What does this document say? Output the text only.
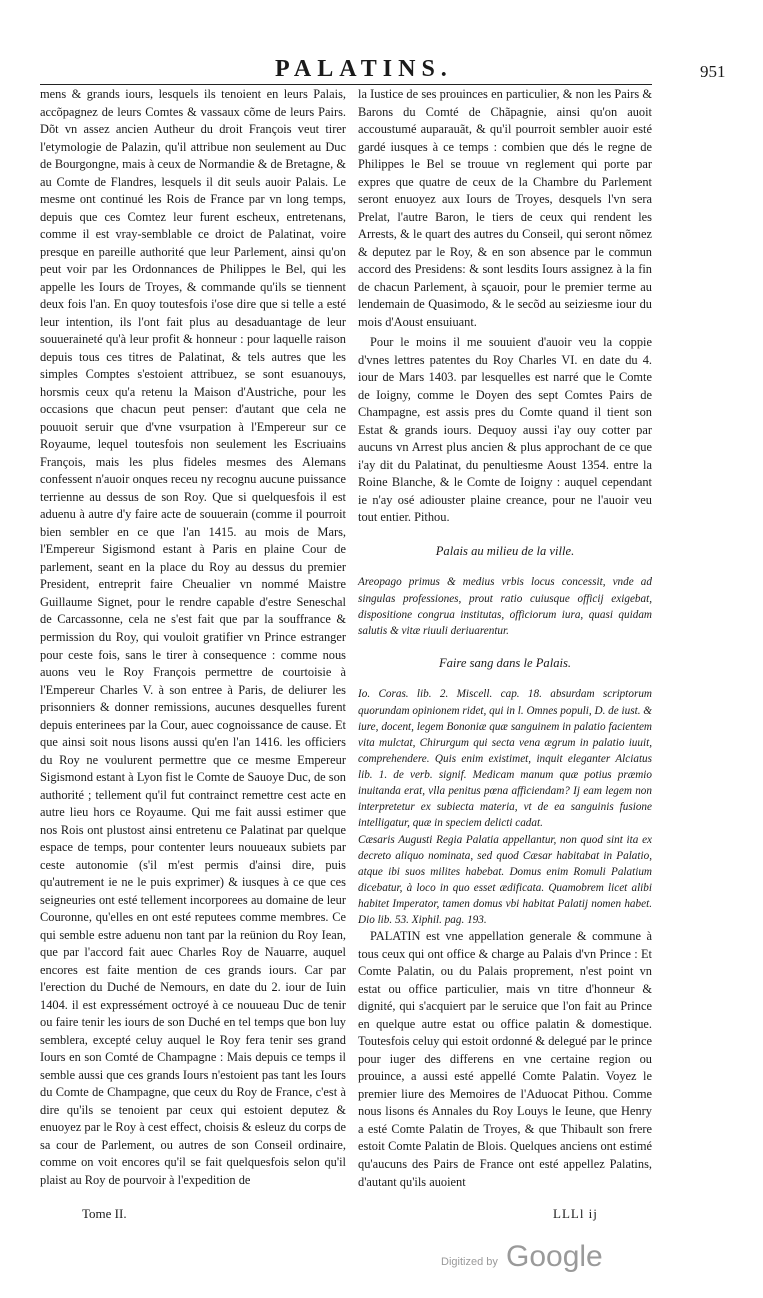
PALATINS.	951

mens & grands iours, lesquels ils tenoient en leurs Palais, accõpagnez de leurs Comtes & vassaux cõme de leurs Pairs. Dõt vn assez ancien Autheur du droit François veut tirer l'etymologie de Palazin, qu'il attribue non seulement au Duc de Bourgongne, mais à ceux de Normandie & de Bretagne, & au Comte de Flandres, lesquels il dit seuls auoir Palais. Le mesme ont continué les Rois de France par vn long temps, depuis que ces Comtez leur furent escheux, entretenans, comme il est vray-semblable ce droict de Palatinat, voire presque en pareille authorité que leur Parlement, ainsi qu'on peut voir par les Ordonnances de Philippes le Bel, qui les appelle les Iours de Troyes, & commande qu'ils se tiennent deux fois l'an. En quoy toutesfois i'ose dire que si telle a esté leur intention, ils l'ont fait plus au desaduantage de leur souueraineté qu'à leur profit & honneur : pour laquelle raison depuis tous ces titres de Palatinat, & tels autres que les simples Comptes s'estoient attribuez, se sont esuanouys, horsmis ceux qu'a retenu la Maison d'Austriche, pour les occasions que chacun peut penser: d'autant que cela ne pouuoit seruir que d'vne vsurpation à l'Empereur sur ce Royaume, lequel toutesfois non seulement les Escriuains François, mais les plus fideles mesmes des Alemans confessent n'auoir onques receu ny recognu aucune puissance terrienne au dessus de son Roy. Que si quelquesfois il est aduenu à autre d'y faire acte de souuerain (comme il pourroit bien sembler en ce que l'an 1415. au mois de Mars, l'Empereur Sigismond estant à Paris en plaine Cour de parlement, seant en la place du Roy au dessus du premier President, entreprit faire Cheualier vn nommé Maistre Guillaume Signet, pour le rendre capable d'estre Seneschal de Carcassonne, cela ne s'est fait que par la souffrance & permission du Roy, qui vouloit gratifier vn Prince estranger pour ceste fois, sans le tirer à consequence : comme nous auons veu le Roy François permettre de courtoisie à l'Empereur Charles V. à son entree à Paris, de deliurer les prisonniers & donner remissions, aucunes desquelles furent depuis enterinees par la Cour, auec cognoissance de cause. Et que ainsi soit nous lisons aussi qu'en l'an 1416. les officiers du Roy ne voulurent permettre que ce mesme Empereur Sigismond estant à Lyon fist le Comte de Sauoye Duc, de son authorité ; tellement qu'il fut contrainct remettre cest acte en autre lieu hors ce Royaume. Qui me fait aussi estimer que nos Rois ont plustost ainsi entretenu ce Palatinat par quelque espace de temps, pour contenter leurs nouueaux subiets par ceste autonomie (s'il m'est permis d'ainsi dire, puis qu'autrement ie ne le puis exprimer) & iusques à ce que ces seigneuries ont esté tellement incorporees au domaine de leur Couronne, qu'elles en ont esté reputees comme membres. Ce qui semble estre aduenu non tant par la reünion du Roy Iean, que par l'accord fait auec Charles Roy de Nauarre, auquel encores est faite mention de ces grands iours. Car par l'erection du Duché de Nemours, en date du 2. iour de Iuin 1404. il est expressément octroyé à ce nouueau Duc de tenir ou faire tenir les iours de son Duché en tel temps que bon luy semblera, excepté celuy auquel le Roy fera tenir ses grand Iours en son Comté de Champagne : Mais depuis ce temps il semble aussi que ces grands Iours n'estoient pas tant les Iours du Comte de Champagne, que ceux du Roy de France, c'est à dire qu'ils se tenoient par ceux qui estoient deputez & enuoyez par le Roy à cest effect, choisis & esleuz du corps de sa cour de Parlement, ou autres de son Conseil ordinaire, comme on voit encores qu'il se fait quelquesfois selon qu'il plaist au Roy de pourvoir à l'expedition de

la Iustice de ses prouinces en particulier, & non les Pairs & Barons du Comté de Chãpagnie, ainsi qu'on auoit accoustumé auparauãt, & qu'il pourroit sembler auoir esté gardé iusques à ce temps : combien que dés le regne de Philippes le Bel se trouue vn reglement qui porte par expres que quatre de ceux de la Chambre du Parlement seront enuoyez aux Iours de Troyes, desquels l'vn sera Prelat, l'autre Baron, le tiers de ceux qui rendent les Arrests, & le quart des autres du Conseil, qui seront nõmez & deputez par le Roy, & en son absence par le commun accord des Presidens: & sont lesdits Iours assignez à la fin de chacun Parlement, à sçauoir, pour le premier terme au lendemain de Quasimodo, & le secõd au seiziesme iour du mois d'Aoust ensuiuant.

Pour le moins il me souuient d'auoir veu la coppie d'vnes lettres patentes du Roy Charles VI. en date du 4. iour de Mars 1403. par lesquelles est narré que le Comte de Ioigny, comme le Doyen des sept Comtes Pairs de Champagne, est assis pres du Comte quand il tient son Estat & grands iours. Dequoy aussi i'ay ouy cotter par aucuns vn Arrest plus ancien & plus approchant de ce que i'ay dit du Palatinat, du penultiesme Aoust 1354. entre la Roine Blanche, & le Comte de Ioigny : auquel cependant ie n'ay osé adiouster plaine creance, pour ne l'auoir veu tout entier. Pithou.

Palais au milieu de la ville.

Areopago primus & medius vrbis locus concessit, vnde ad singulas professiones, prout ratio cuiusque officij exigebat, dispositione congrua institutas, officiorum iura, quasi quidam salutis & vitæ riuuli deriuarentur.

Faire sang dans le Palais.

Io. Coras. lib. 2. Miscell. cap. 18. absurdam scriptorum quorundam opinionem ridet, qui in l. Omnes populi, D. de iust. & iure, docent, legem Bononiæ quæ sanguinem in palatio facientem vita mulctat, Chirurgum qui secta vena ægrum in palatio iuuit, comprehendere. Quis enim existimet, inquit eleganter Alciatus lib. 1. de verb. signif. Medicam manum quæ potius præmio inuitanda erat, vlla penitus pœna afficiendam? Ij eam legem non interpretetur ex subiecta materia, vt de ea sanguinis fusione intelligatur, quæ in speciem delicti cadat.

Cæsaris Augusti Regia Palatia appellantur, non quod sint ita ex decreto aliquo nominata, sed quod Cæsar habitabat in Palatio, atque ibi suos milites habebat. Domus enim Romuli Palatium dicebatur, à loco in quo esset ædificata. Quamobrem licet alibi habitet Imperator, tamen domus vbi habitat Palatij nomen habet. Dio lib. 53. Xiphil. pag. 193.

PALATIN est vne appellation generale & commune à tous ceux qui ont office & charge au Palais d'vn Prince : Et Comte Palatin, ou du Palais proprement, n'est point vn estat ou office particulier, mais vn titre d'honneur & dignité, qui s'acquiert par le seruice que l'on fait au Prince en quelque autre estat ou office palatin & domestique. Toutesfois celuy qui estoit ordonné & delegué par le prince pour iuger des differens en vne certaine region ou prouince, a aussi esté appellé Comte Palatin. Voyez le premier liure des Memoires de l'Aduocat Pithou. Comme nous lisons és Annales du Roy Louys le Ieune, que Henry a esté Comte Palatin de Troyes, & que Thibault son frere estoit Comte Palatin de Blois. Quelques anciens ont estimé qu'aucuns des Pairs de France ont esté appellez Palatins, d'autant qu'ils auoient

Tome II.	LLLl ij
Digitized by Google
